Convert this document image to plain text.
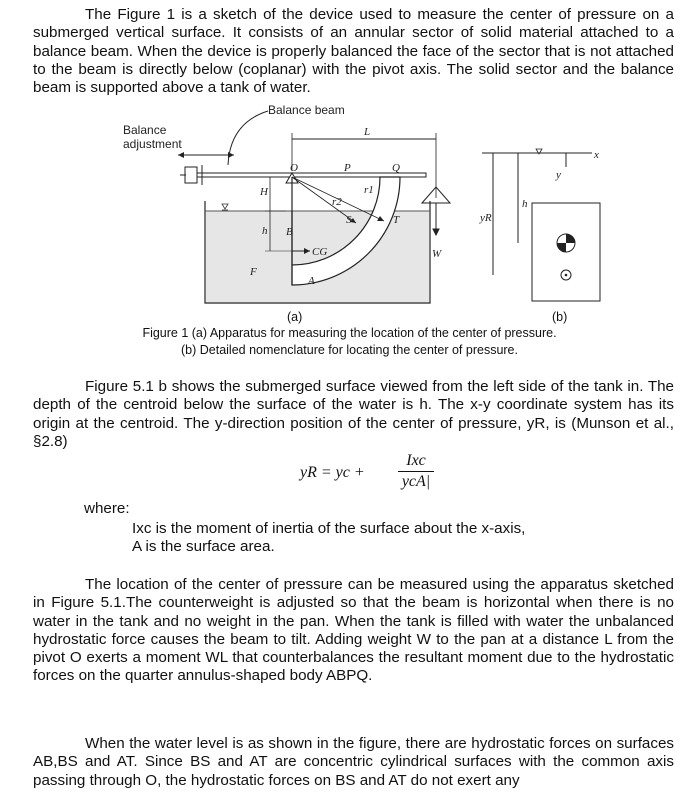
The Figure 1 is a sketch of the device used to measure the center of pressure on a submerged vertical surface. It consists of an annular sector of solid material attached to a balance beam. When the device is properly balanced the face of the sector that is not attached to the beam is directly below (coplanar) with the pivot axis. The solid sector and the balance beam is supported above a tank of water.

Balance beam
Balance
adjustment
L
O	P	Q
r1
r2
S	T
H
h B
CG
F
A
W
yR
h
x
y
(a)	(b)
Figure 1 (a) Apparatus for measuring the location of the center of pressure.
(b) Detailed nomenclature for locating the center of pressure.

Figure 5.1 b shows the submerged surface viewed from the left side of the tank in. The depth of the centroid below the surface of the water is h. The x-y coordinate system has its origin at the centroid. The y-direction position of the center of pressure, yR, is (Munson et al., §2.8)

yR = yc +
Ixc
ycA|
where:
Ixc is the moment of inertia of the surface about the x-axis,
A is the surface area.

The location of the center of pressure can be measured using the apparatus sketched in Figure 5.1.The counterweight is adjusted so that the beam is horizontal when there is no water in the tank and no weight in the pan. When the tank is filled with water the unbalanced hydrostatic force causes the beam to tilt. Adding weight W to the pan at a distance L from the pivot O exerts a moment WL that counterbalances the resultant moment due to the hydrostatic forces on the quarter annulus-shaped body ABPQ.

When the water level is as shown in the figure, there are hydrostatic forces on surfaces AB,BS and AT. Since BS and AT are concentric cylindrical surfaces with the common axis passing through O, the hydrostatic forces on BS and AT do not exert any
